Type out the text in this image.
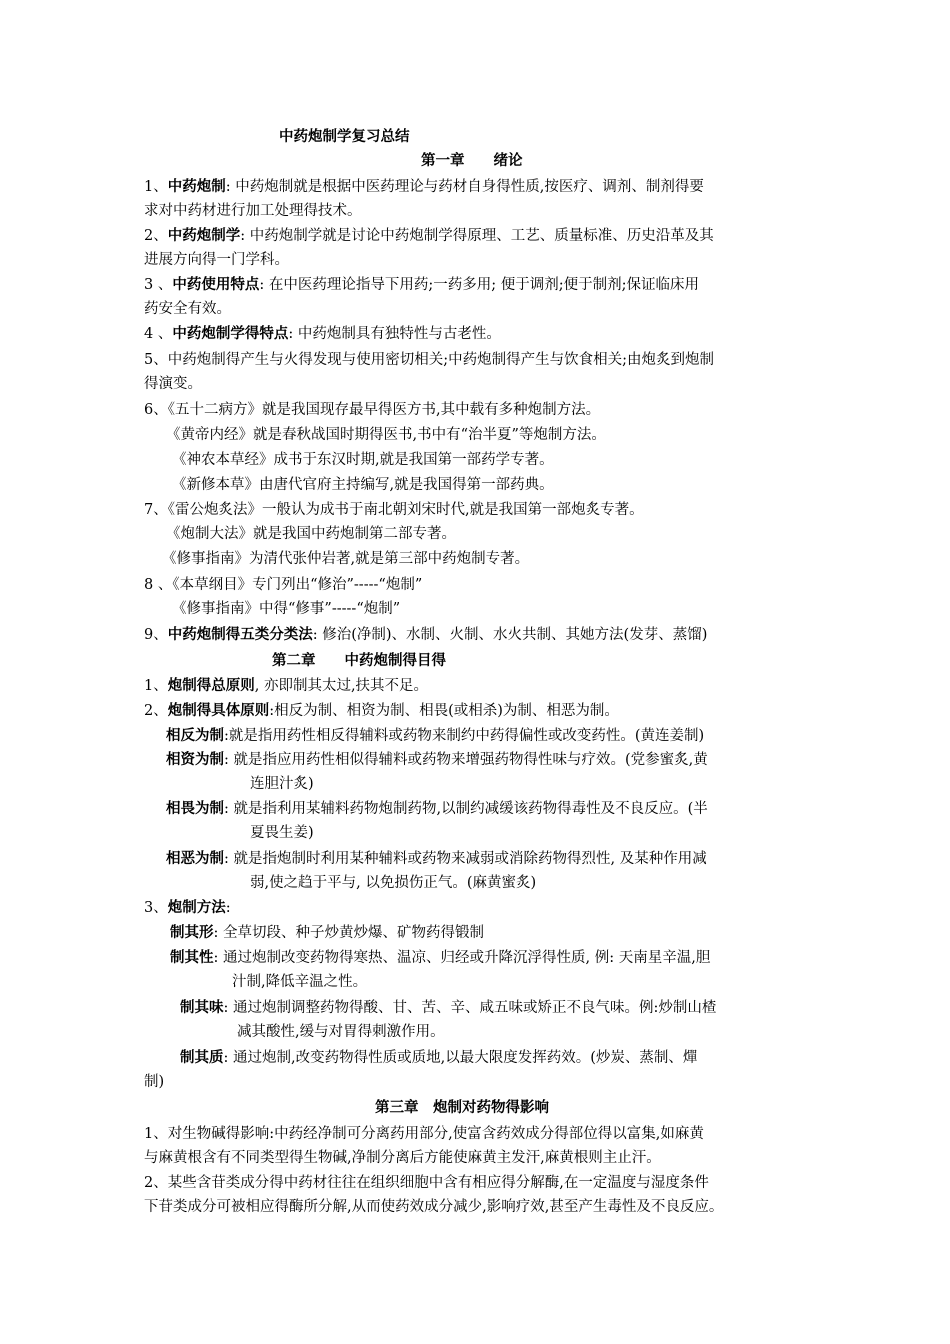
中药炮制学复习总结
第一章　　绪论
1、中药炮制: 中药炮制就是根据中医药理论与药材自身得性质,按医疗、调剂、制剂得要
求对中药材进行加工处理得技术。
2、中药炮制学: 中药炮制学就是讨论中药炮制学得原理、工艺、质量标准、历史沿革及其
进展方向得一门学科。
3 、中药使用特点: 在中医药理论指导下用药;一药多用; 便于调剂;便于制剂;保证临床用
药安全有效。
4 、中药炮制学得特点: 中药炮制具有独特性与古老性。
5、中药炮制得产生与火得发现与使用密切相关;中药炮制得产生与饮食相关;由炮炙到炮制
得演变。
6、《五十二病方》就是我国现存最早得医方书,其中载有多种炮制方法。
《黄帝内经》就是春秋战国时期得医书,书中有“治半夏”等炮制方法。
《神农本草经》成书于东汉时期,就是我国第一部药学专著。
《新修本草》由唐代官府主持编写,就是我国得第一部药典。
7、《雷公炮炙法》一般认为成书于南北朝刘宋时代,就是我国第一部炮炙专著。
《炮制大法》就是我国中药炮制第二部专著。
《修事指南》为清代张仲岩著,就是第三部中药炮制专著。
8 、《本草纲目》专门列出“修治”-----“炮制”
《修事指南》中得“修事”-----“炮制”
9、中药炮制得五类分类法: 修治(净制)、水制、火制、水火共制、其她方法(发芽、蒸馏)
第二章　　中药炮制得目得
1、炮制得总原则, 亦即制其太过,扶其不足。
2、炮制得具体原则:相反为制、相资为制、相畏(或相杀)为制、相恶为制。
相反为制:就是指用药性相反得辅料或药物来制约中药得偏性或改变药性。(黄连姜制)
相资为制: 就是指应用药性相似得辅料或药物来增强药物得性味与疗效。(党参蜜炙,黄
连胆汁炙)
相畏为制: 就是指利用某辅料药物炮制药物,以制约减缓该药物得毒性及不良反应。(半
夏畏生姜)
相恶为制: 就是指炮制时利用某种辅料或药物来减弱或消除药物得烈性, 及某种作用减
弱,使之趋于平与, 以免损伤正气。(麻黄蜜炙)
3、炮制方法:
制其形: 全草切段、种子炒黄炒爆、矿物药得锻制
制其性: 通过炮制改变药物得寒热、温凉、归经或升降沉浮得性质, 例: 天南星辛温,胆
汁制,降低辛温之性。
制其味: 通过炮制调整药物得酸、甘、苦、辛、咸五味或矫正不良气味。例:炒制山楂
减其酸性,缓与对胃得刺激作用。
制其质: 通过炮制,改变药物得性质或质地,以最大限度发挥药效。(炒炭、蒸制、燀
制)
第三章　炮制对药物得影响
1、对生物碱得影响:中药经净制可分离药用部分,使富含药效成分得部位得以富集,如麻黄
与麻黄根含有不同类型得生物碱,净制分离后方能使麻黄主发汗,麻黄根则主止汗。
2、某些含苷类成分得中药材往往在组织细胞中含有相应得分解酶,在一定温度与湿度条件
下苷类成分可被相应得酶所分解,从而使药效成分减少,影响疗效,甚至产生毒性及不良反应。
